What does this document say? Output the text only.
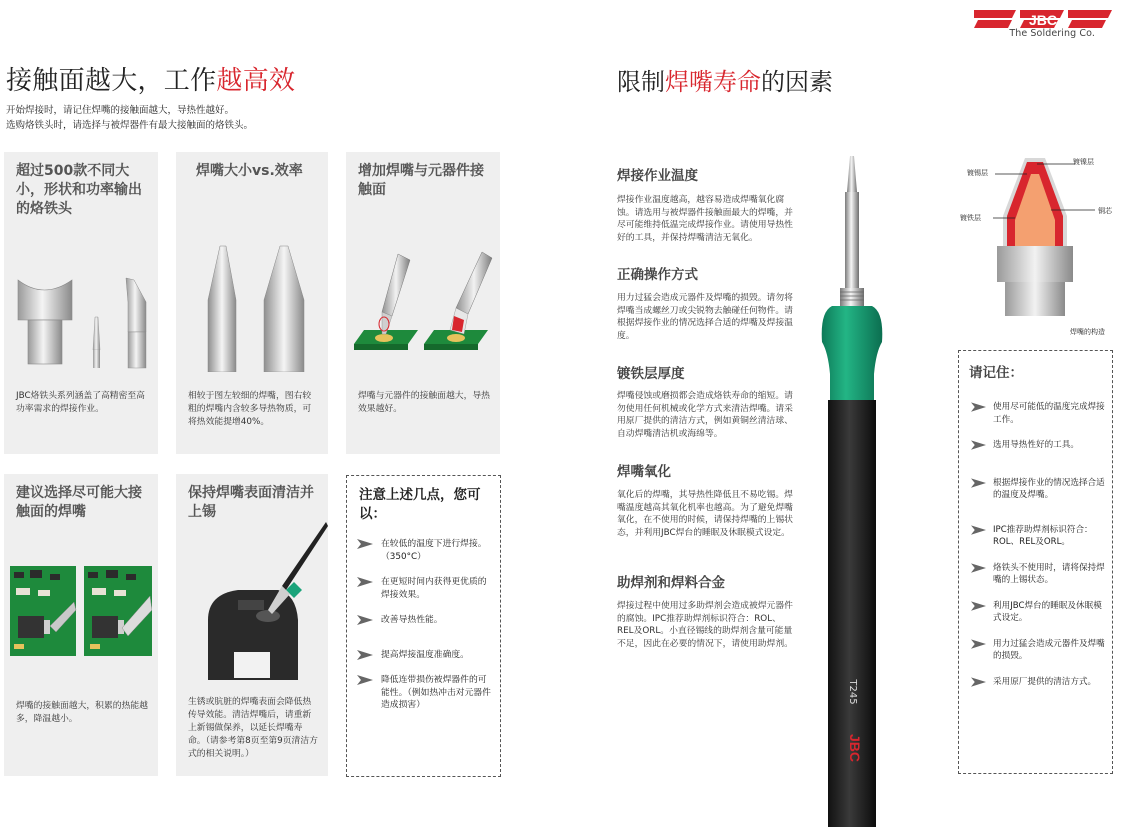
JBC
The Soldering Co.
接触面越大，工作越高效
开始焊接时，请记住焊嘴的接触面越大，导热性越好。
选购烙铁头时，请选择与被焊器件有最大接触面的烙铁头。
超过500款不同大小，形状和功率输出的烙铁头
JBC烙铁头系列涵盖了高精密至高功率需求的焊接作业。
焊嘴大小vs.效率
相较于图左较细的焊嘴，图右较粗的焊嘴内含较多导热物质，可将热效能提增40%。
增加焊嘴与元器件接触面
焊嘴与元器件的接触面越大，导热效果越好。
建议选择尽可能大接触面的焊嘴
焊嘴的接触面越大，积累的热能越多，降温越小。
保持焊嘴表面清洁并上锡
生锈或肮脏的焊嘴表面会降低热传导效能。清洁焊嘴后，请重新上新锡做保养，以延长焊嘴寿命。（请参考第8页至第9页清洁方式的相关说明。）
注意上述几点，您可以：
在较低的温度下进行焊接。（350°C）
在更短时间内获得更优质的焊接效果。
改善导热性能。
提高焊接温度准确度。
降低连带损伤被焊器件的可能性。（例如热冲击对元器件造成损害）
限制焊嘴寿命的因素
焊接作业温度
焊接作业温度越高，越容易造成焊嘴氧化腐蚀。请选用与被焊器件接触面最大的焊嘴，并尽可能维持低温完成焊接作业。请使用导热性好的工具，并保持焊嘴清洁无氧化。
正确操作方式
用力过猛会造成元器件及焊嘴的损毁。请勿将焊嘴当成螺丝刀或尖锐物去触碰任何物件。请根据焊接作业的情况选择合适的焊嘴及焊接温度。
镀铁层厚度
焊嘴侵蚀或磨损都会造成烙铁寿命的缩短。请勿使用任何机械或化学方式来清洁焊嘴。请采用原厂提供的清洁方式，例如黄铜丝清洁球、自动焊嘴清洁机或海绵等。
焊嘴氧化
氧化后的焊嘴，其导热性降低且不易吃锡。焊嘴温度越高其氧化机率也越高。为了避免焊嘴氧化，在不使用的时候，请保持焊嘴的上锡状态，并利用JBC焊台的睡眠及休眠模式设定。
助焊剂和焊料合金
焊接过程中使用过多助焊剂会造成被焊元器件的腐蚀。IPC推荐助焊剂标识符合：ROL、REL及ORL。小直径锡线的助焊剂含量可能量不足，因此在必要的情况下，请使用助焊剂。
T245
JBC
镀锡层
镀镍层
镀铁层
铜芯
焊嘴的构造
请记住：
使用尽可能低的温度完成焊接工作。
选用导热性好的工具。
根据焊接作业的情况选择合适的温度及焊嘴。
IPC推荐助焊剂标识符合：ROL、REL及ORL。
烙铁头不使用时，请将保持焊嘴的上锡状态。
利用JBC焊台的睡眠及休眠模式设定。
用力过猛会造成元器件及焊嘴的损毁。
采用原厂提供的清洁方式。
